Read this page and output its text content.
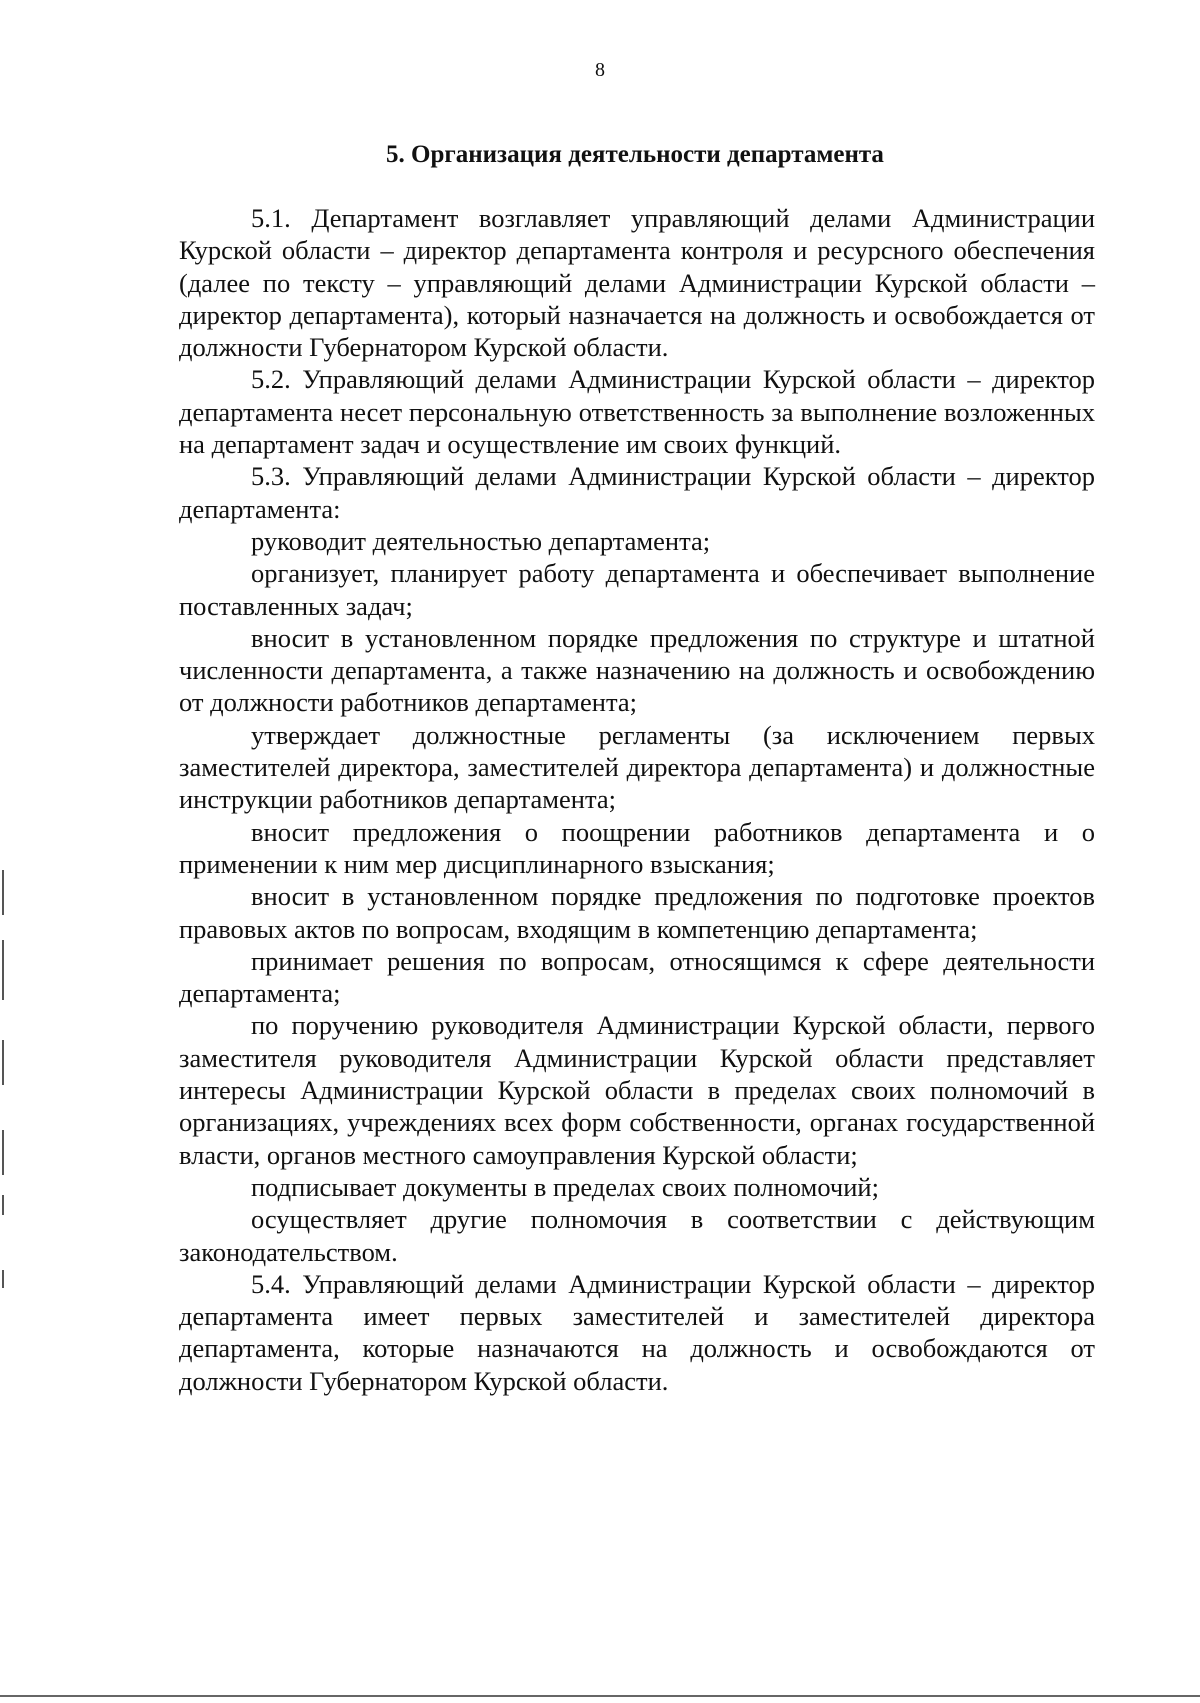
8
5. Организация деятельности департамента

5.1. Департамент возглавляет управляющий делами Администрации Курской области – директор департамента контроля и ресурсного обеспечения (далее по тексту – управляющий делами Администрации Курской области – директор департамента), который назначается на должность и освобождается от должности Губернатором Курской области.

5.2. Управляющий делами Администрации Курской области – директор департамента несет персональную ответственность за выполнение возложенных на департамент задач и осуществление им своих функций.

5.3. Управляющий делами Администрации Курской области – директор департамента:

руководит деятельностью департамента;

организует, планирует работу департамента и обеспечивает выполнение поставленных задач;

вносит в установленном порядке предложения по структуре и штатной численности департамента, а также назначению на должность и освобождению от должности работников департамента;

утверждает должностные регламенты (за исключением первых заместителей директора, заместителей директора департамента) и должностные инструкции работников департамента;

вносит предложения о поощрении работников департамента и о применении к ним мер дисциплинарного взыскания;

вносит в установленном порядке предложения по подготовке проектов правовых актов по вопросам, входящим в компетенцию департамента;

принимает решения по вопросам, относящимся к сфере деятельности департамента;

по поручению руководителя Администрации Курской области, первого заместителя руководителя Администрации Курской области представляет интересы Администрации Курской области в пределах своих полномочий в организациях, учреждениях всех форм собственности, органах государственной власти, органов местного самоуправления Курской области;

подписывает документы в пределах своих полномочий;

осуществляет другие полномочия в соответствии с действующим законодательством.

5.4. Управляющий делами Администрации Курской области – директор департамента имеет первых заместителей и заместителей директора департамента, которые назначаются на должность и освобождаются от должности Губернатором Курской области.
